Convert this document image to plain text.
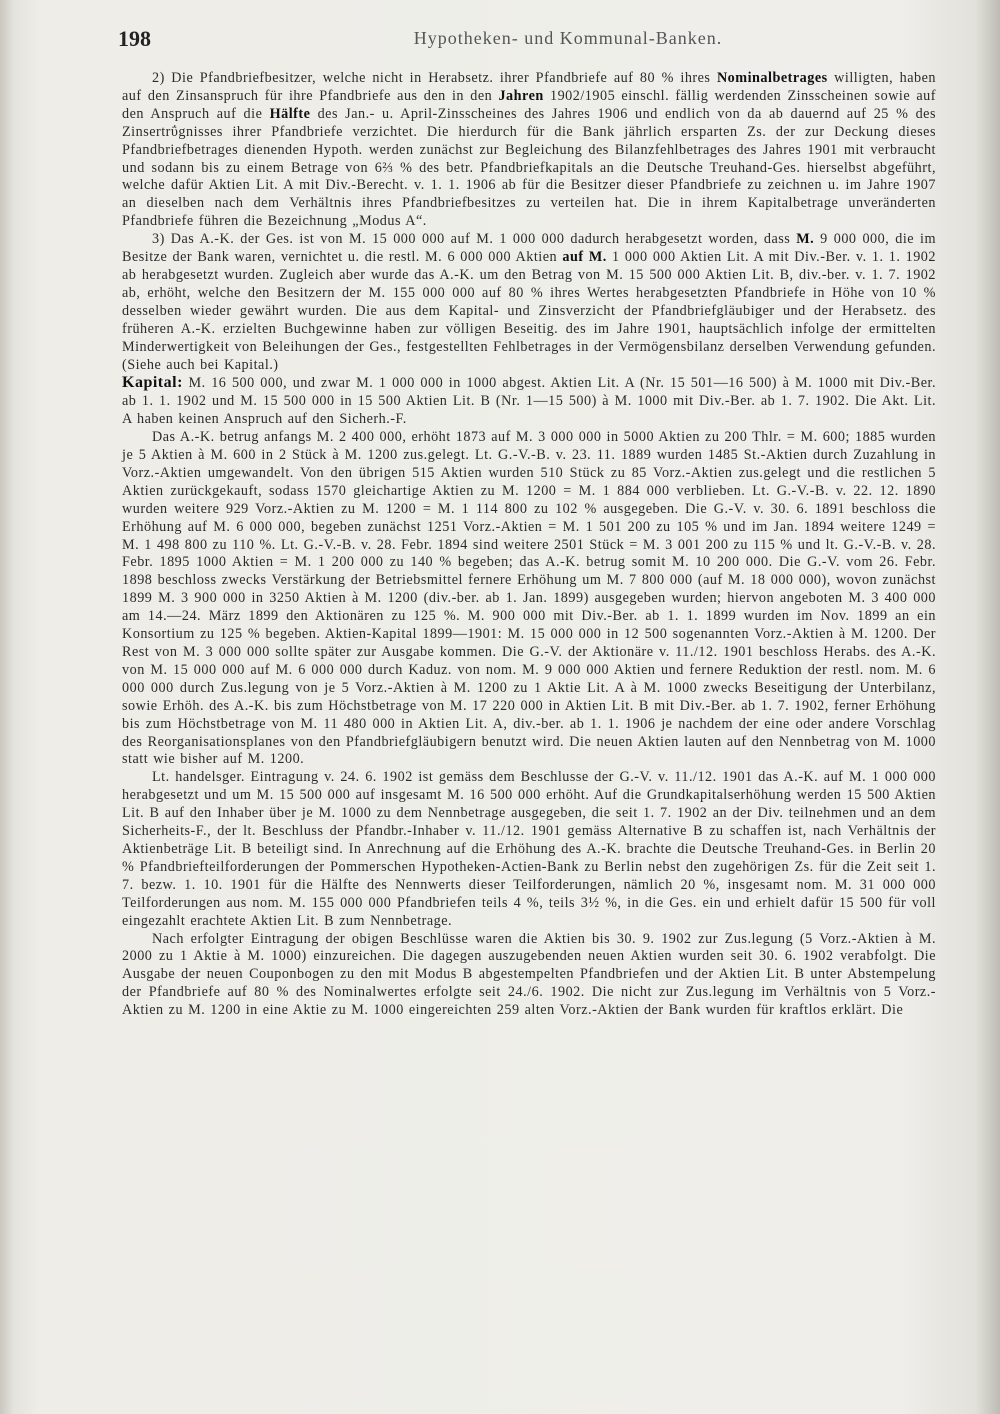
198	Hypotheken- und Kommunal-Banken.

2) Die Pfandbriefbesitzer, welche nicht in Herabsetz. ihrer Pfandbriefe auf 80 % ihres Nominalbetrages willigten, haben auf den Zinsanspruch für ihre Pfandbriefe aus den in den Jahren 1902/1905 einschl. fällig werdenden Zinsscheinen sowie auf den Anspruch auf die Hälfte des Jan.- u. April-Zinsscheines des Jahres 1906 und endlich von da ab dauernd auf 25 % des Zinsertrΰgnisses ihrer Pfandbriefe verzichtet. Die hierdurch für die Bank jährlich ersparten Zs. der zur Deckung dieses Pfandbriefbetrages dienenden Hypoth. werden zunächst zur Begleichung des Bilanzfehlbetrages des Jahres 1901 mit verbraucht und sodann bis zu einem Betrage von 6⅔ % des betr. Pfandbriefkapitals an die Deutsche Treuhand-Ges. hierselbst abgeführt, welche dafür Aktien Lit. A mit Div.-Berecht. v. 1. 1. 1906 ab für die Besitzer dieser Pfandbriefe zu zeichnen u. im Jahre 1907 an dieselben nach dem Verhältnis ihres Pfandbriefbesitzes zu verteilen hat. Die in ihrem Kapitalbetrage unveränderten Pfandbriefe führen die Bezeichnung „Modus A“.

3) Das A.-K. der Ges. ist von M. 15 000 000 auf M. 1 000 000 dadurch herabgesetzt worden, dass M. 9 000 000, die im Besitze der Bank waren, vernichtet u. die restl. M. 6 000 000 Aktien auf M. 1 000 000 Aktien Lit. A mit Div.-Ber. v. 1. 1. 1902 ab herabgesetzt wurden. Zugleich aber wurde das A.-K. um den Betrag von M. 15 500 000 Aktien Lit. B, div.-ber. v. 1. 7. 1902 ab, erhöht, welche den Besitzern der M. 155 000 000 auf 80 % ihres Wertes herabgesetzten Pfandbriefe in Höhe von 10 % desselben wieder gewährt wurden. Die aus dem Kapital- und Zinsverzicht der Pfandbriefgläubiger und der Herabsetz. des früheren A.-K. erzielten Buchgewinne haben zur völligen Beseitig. des im Jahre 1901, hauptsächlich infolge der ermittelten Minderwertigkeit von Beleihungen der Ges., festgestellten Fehlbetrages in der Vermögensbilanz derselben Verwendung gefunden. (Siehe auch bei Kapital.)

Kapital: M. 16 500 000, und zwar M. 1 000 000 in 1000 abgest. Aktien Lit. A (Nr. 15 501—16 500) à M. 1000 mit Div.-Ber. ab 1. 1. 1902 und M. 15 500 000 in 15 500 Aktien Lit. B (Nr. 1—15 500) à M. 1000 mit Div.-Ber. ab 1. 7. 1902. Die Akt. Lit. A haben keinen Anspruch auf den Sicherh.-F.

Das A.-K. betrug anfangs M. 2 400 000, erhöht 1873 auf M. 3 000 000 in 5000 Aktien zu 200 Thlr. = M. 600; 1885 wurden je 5 Aktien à M. 600 in 2 Stück à M. 1200 zus.gelegt. Lt. G.-V.-B. v. 23. 11. 1889 wurden 1485 St.-Aktien durch Zuzahlung in Vorz.-Aktien umgewandelt. Von den übrigen 515 Aktien wurden 510 Stück zu 85 Vorz.-Aktien zus.gelegt und die restlichen 5 Aktien zurückgekauft, sodass 1570 gleichartige Aktien zu M. 1200 = M. 1 884 000 verblieben. Lt. G.-V.-B. v. 22. 12. 1890 wurden weitere 929 Vorz.-Aktien zu M. 1200 = M. 1 114 800 zu 102 % ausgegeben. Die G.-V. v. 30. 6. 1891 beschloss die Erhöhung auf M. 6 000 000, begeben zunächst 1251 Vorz.-Aktien = M. 1 501 200 zu 105 % und im Jan. 1894 weitere 1249 = M. 1 498 800 zu 110 %. Lt. G.-V.-B. v. 28. Febr. 1894 sind weitere 2501 Stück = M. 3 001 200 zu 115 % und lt. G.-V.-B. v. 28. Febr. 1895 1000 Aktien = M. 1 200 000 zu 140 % begeben; das A.-K. betrug somit M. 10 200 000. Die G.-V. vom 26. Febr. 1898 beschloss zwecks Verstärkung der Betriebsmittel fernere Erhöhung um M. 7 800 000 (auf M. 18 000 000), wovon zunächst 1899 M. 3 900 000 in 3250 Aktien à M. 1200 (div.-ber. ab 1. Jan. 1899) ausgegeben wurden; hiervon angeboten M. 3 400 000 am 14.—24. März 1899 den Aktionären zu 125 %. M. 900 000 mit Div.-Ber. ab 1. 1. 1899 wurden im Nov. 1899 an ein Konsortium zu 125 % begeben. Aktien-Kapital 1899—1901: M. 15 000 000 in 12 500 sogenannten Vorz.-Aktien à M. 1200. Der Rest von M. 3 000 000 sollte später zur Ausgabe kommen. Die G.-V. der Aktionäre v. 11./12. 1901 beschloss Herabs. des A.-K. von M. 15 000 000 auf M. 6 000 000 durch Kaduz. von nom. M. 9 000 000 Aktien und fernere Reduktion der restl. nom. M. 6 000 000 durch Zus.legung von je 5 Vorz.-Aktien à M. 1200 zu 1 Aktie Lit. A à M. 1000 zwecks Beseitigung der Unterbilanz, sowie Erhöh. des A.-K. bis zum Höchstbetrage von M. 17 220 000 in Aktien Lit. B mit Div.-Ber. ab 1. 7. 1902, ferner Erhöhung bis zum Höchstbetrage von M. 11 480 000 in Aktien Lit. A, div.-ber. ab 1. 1. 1906 je nachdem der eine oder andere Vorschlag des Reorganisationsplanes von den Pfandbriefgläubigern benutzt wird. Die neuen Aktien lauten auf den Nennbetrag von M. 1000 statt wie bisher auf M. 1200.

Lt. handelsger. Eintragung v. 24. 6. 1902 ist gemäss dem Beschlusse der G.-V. v. 11./12. 1901 das A.-K. auf M. 1 000 000 herabgesetzt und um M. 15 500 000 auf insgesamt M. 16 500 000 erhöht. Auf die Grundkapitalserhöhung werden 15 500 Aktien Lit. B auf den Inhaber über je M. 1000 zu dem Nennbetrage ausgegeben, die seit 1. 7. 1902 an der Div. teilnehmen und an dem Sicherheits-F., der lt. Beschluss der Pfandbr.-Inhaber v. 11./12. 1901 gemäss Alternative B zu schaffen ist, nach Verhältnis der Aktienbeträge Lit. B beteiligt sind. In Anrechnung auf die Erhöhung des A.-K. brachte die Deutsche Treuhand-Ges. in Berlin 20 % Pfandbriefteilforderungen der Pommerschen Hypotheken-Actien-Bank zu Berlin nebst den zugehörigen Zs. für die Zeit seit 1. 7. bezw. 1. 10. 1901 für die Hälfte des Nennwerts dieser Teilforderungen, nämlich 20 %, insgesamt nom. M. 31 000 000 Teilforderungen aus nom. M. 155 000 000 Pfandbriefen teils 4 %, teils 3½ %, in die Ges. ein und erhielt dafür 15 500 für voll eingezahlt erachtete Aktien Lit. B zum Nennbetrage.

Nach erfolgter Eintragung der obigen Beschlüsse waren die Aktien bis 30. 9. 1902 zur Zus.legung (5 Vorz.-Aktien à M. 2000 zu 1 Aktie à M. 1000) einzureichen. Die dagegen auszugebenden neuen Aktien wurden seit 30. 6. 1902 verabfolgt. Die Ausgabe der neuen Couponbogen zu den mit Modus B abgestempelten Pfandbriefen und der Aktien Lit. B unter Abstempelung der Pfandbriefe auf 80 % des Nominalwertes erfolgte seit 24./6. 1902. Die nicht zur Zus.legung im Verhältnis von 5 Vorz.-Aktien zu M. 1200 in eine Aktie zu M. 1000 eingereichten 259 alten Vorz.-Aktien der Bank wurden für kraftlos erklärt. Die
